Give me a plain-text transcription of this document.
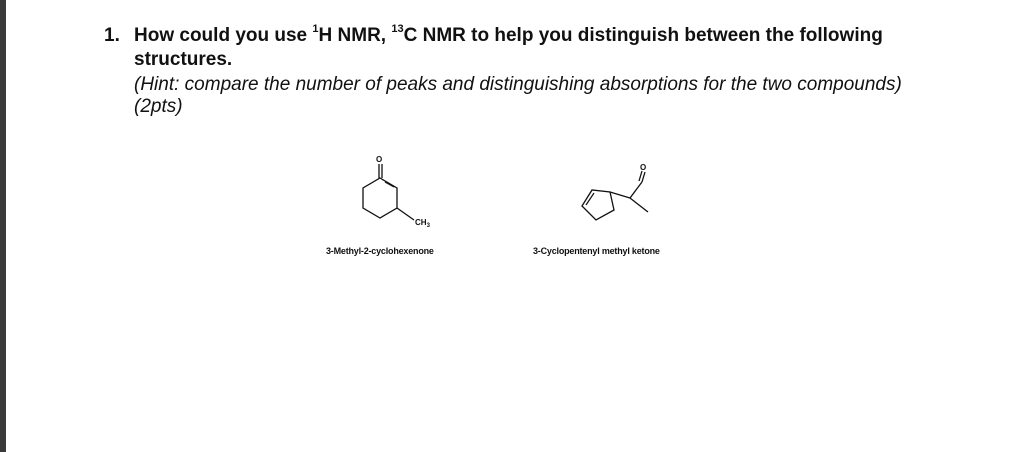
1. How could you use $^1$H NMR, $^{13}$C NMR to help you distinguish between the following
structures.
(Hint: compare the number of peaks and distinguishing absorptions for the two compounds)
(2pts)
O
$CH_3$
3-Methyl-2-cyclohexenone
O
3-Cyclopentenyl methyl ketone
